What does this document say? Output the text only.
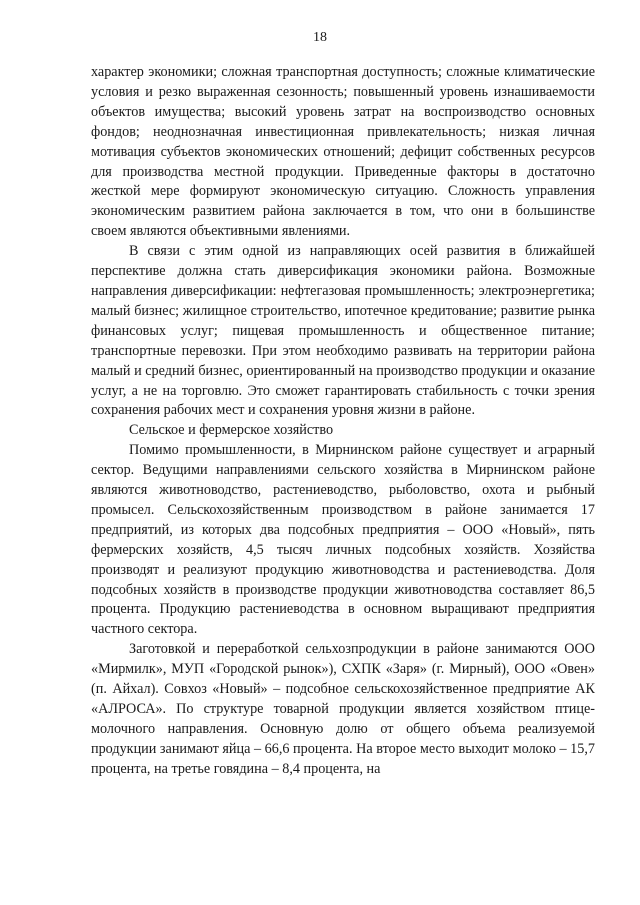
18

характер экономики; сложная транспортная доступность; сложные климатические условия и резко выраженная сезонность; повышенный уровень изнашиваемости объектов имущества; высокий уровень затрат на воспроизводство основных фондов; неоднозначная инвестиционная привлекательность; низкая личная мотивация субъектов экономических отношений; дефицит собственных ресурсов для производства местной продукции. Приведенные факторы в достаточно жесткой мере формируют экономическую ситуацию. Сложность управления экономическим развитием района заключается в том, что они в большинстве своем являются объективными явлениями.

В связи с этим одной из направляющих осей развития в ближайшей перспективе должна стать диверсификация экономики района. Возможные направления диверсификации: нефтегазовая промышленность; электроэнергетика; малый бизнес; жилищное строительство, ипотечное кредитование; развитие рынка финансовых услуг; пищевая промышленность и общественное питание; транспортные перевозки. При этом необходимо развивать на территории района малый и средний бизнес, ориентированный на производство продукции и оказание услуг, а не на торговлю. Это сможет гарантировать стабильность с точки зрения сохранения рабочих мест и сохранения уровня жизни в районе.

Сельское и фермерское хозяйство

Помимо промышленности, в Мирнинском районе существует и аграрный сектор. Ведущими направлениями сельского хозяйства в Мирнинском районе являются животноводство, растениеводство, рыболовство, охота и рыбный промысел. Сельскохозяйственным производством в районе занимается 17 предприятий, из которых два подсобных предприятия – ООО «Новый», пять фермерских хозяйств, 4,5 тысяч личных подсобных хозяйств. Хозяйства производят и реализуют продукцию животноводства и растениеводства. Доля подсобных хозяйств в производстве продукции животноводства составляет 86,5 процента. Продукцию растениеводства в основном выращивают предприятия частного сектора.

Заготовкой и переработкой сельхозпродукции в районе занимаются ООО «Мирмилк», МУП «Городской рынок»), СХПК «Заря» (г. Мирный), ООО «Овен» (п. Айхал). Совхоз «Новый» – подсобное сельскохозяйственное предприятие АК «АЛРОСА». По структуре товарной продукции является хозяйством птице-молочного направления. Основную долю от общего объема реализуемой продукции занимают яйца – 66,6 процента. На второе место выходит молоко – 15,7 процента, на третье говядина – 8,4 процента, на
